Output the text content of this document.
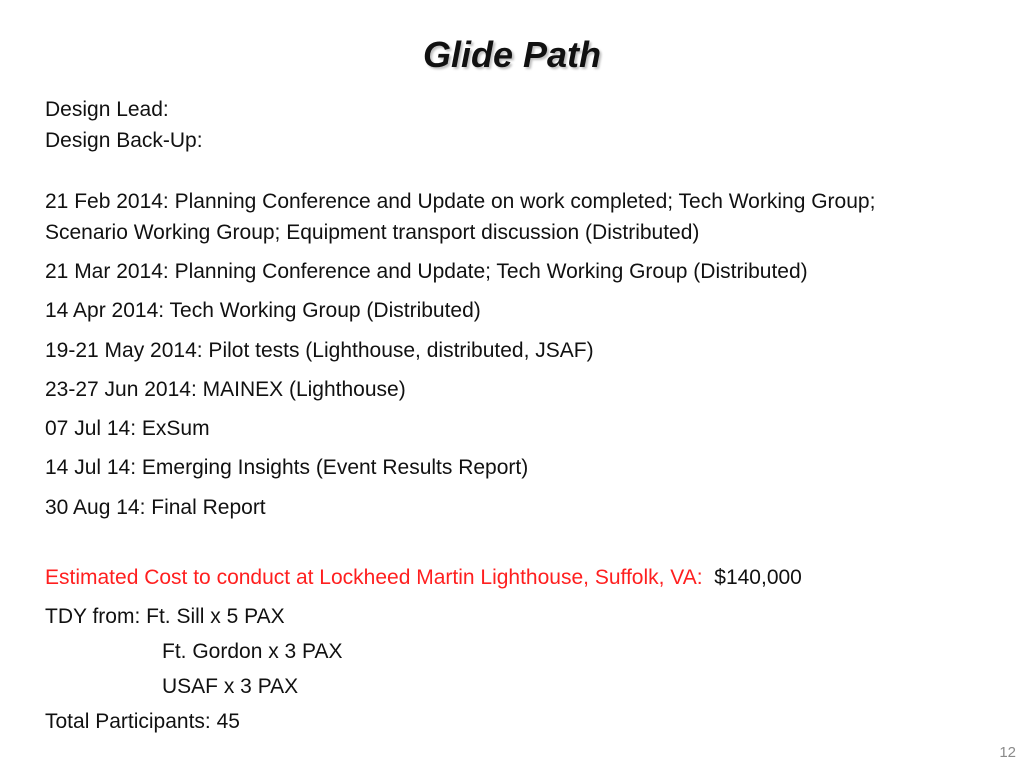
Glide Path
Design Lead:
Design Back-Up:
21 Feb 2014: Planning Conference and Update on work completed; Tech Working Group;
Scenario Working Group; Equipment transport discussion (Distributed)
21 Mar 2014: Planning Conference and Update; Tech Working Group (Distributed)
14 Apr 2014: Tech Working Group (Distributed)
19-21 May 2014: Pilot tests (Lighthouse, distributed, JSAF)
23-27 Jun 2014: MAINEX (Lighthouse)
07 Jul 14: ExSum
14 Jul 14: Emerging Insights (Event Results Report)
30 Aug 14: Final Report
Estimated Cost to conduct at Lockheed Martin Lighthouse, Suffolk, VA: $140,000
TDY from: Ft. Sill x 5 PAX
Ft. Gordon x 3 PAX
USAF x 3 PAX
Total Participants: 45
12
